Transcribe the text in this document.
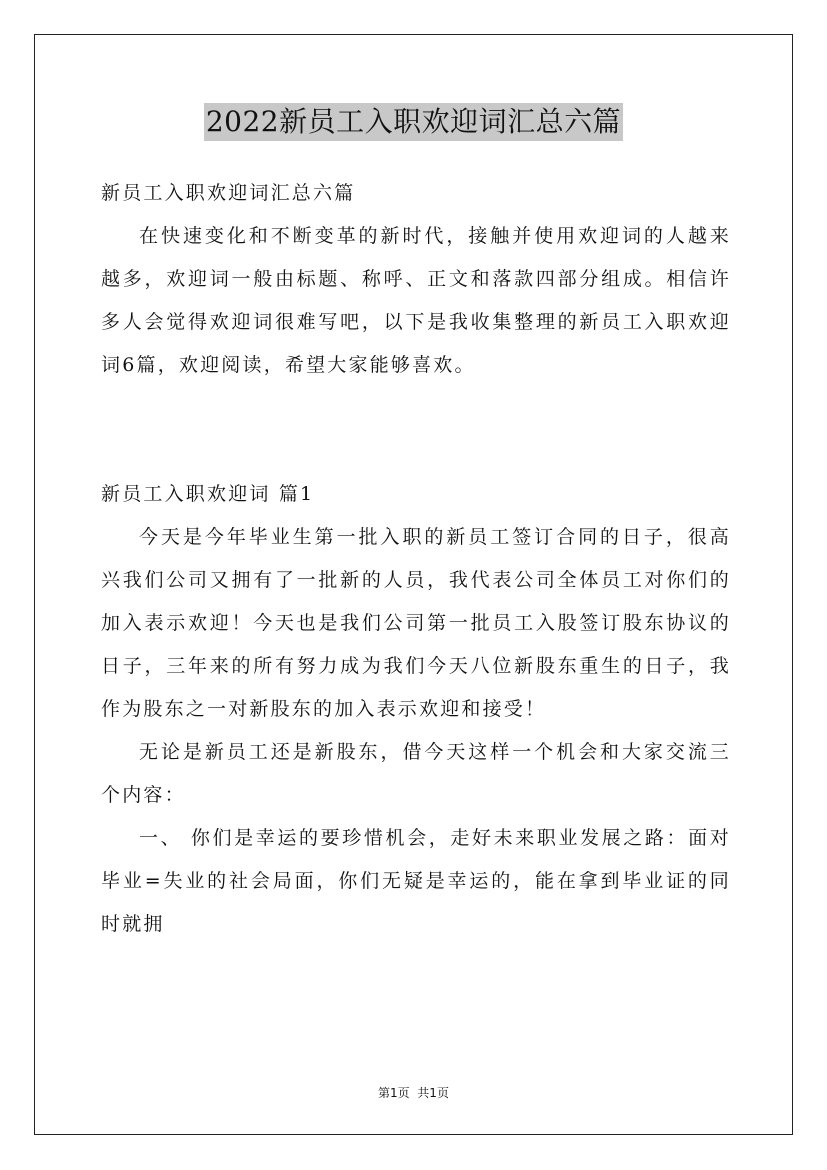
2022新员工入职欢迎词汇总六篇

新员工入职欢迎词汇总六篇

在快速变化和不断变革的新时代，接触并使用欢迎词的人越来越多，欢迎词一般由标题、称呼、正文和落款四部分组成。相信许多人会觉得欢迎词很难写吧，以下是我收集整理的新员工入职欢迎词6篇，欢迎阅读，希望大家能够喜欢。

新员工入职欢迎词 篇1

今天是今年毕业生第一批入职的新员工签订合同的日子，很高兴我们公司又拥有了一批新的人员，我代表公司全体员工对你们的加入表示欢迎！今天也是我们公司第一批员工入股签订股东协议的日子，三年来的所有努力成为我们今天八位新股东重生的日子，我作为股东之一对新股东的加入表示欢迎和接受！

无论是新员工还是新股东，借今天这样一个机会和大家交流三个内容：

一、 你们是幸运的要珍惜机会，走好未来职业发展之路：面对毕业=失业的社会局面，你们无疑是幸运的，能在拿到毕业证的同时就拥

第1页  共1页
